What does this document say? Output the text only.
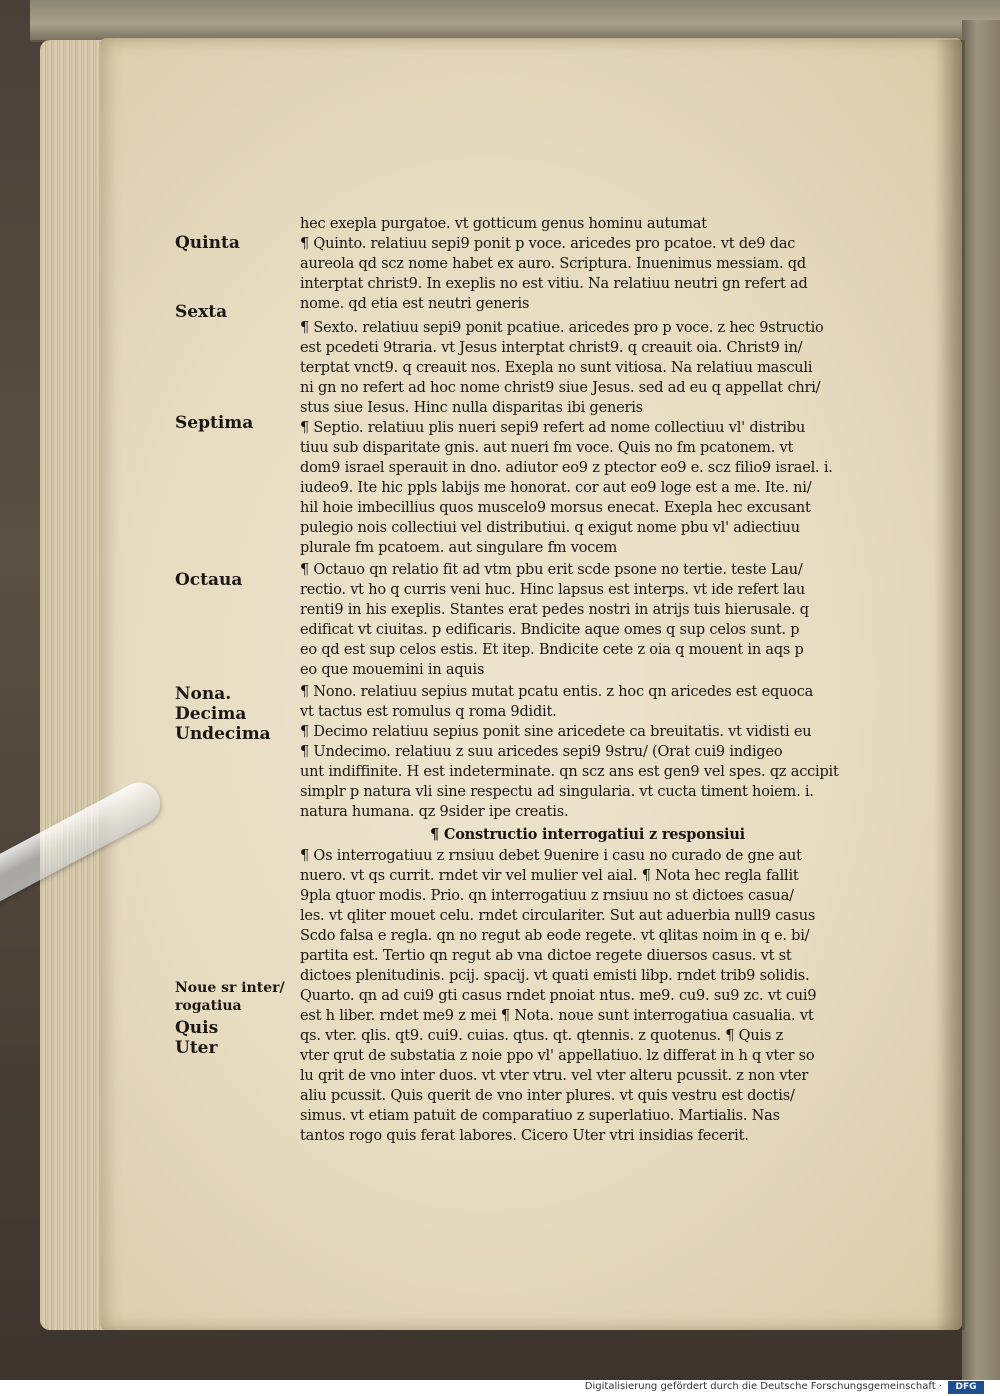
Quinta
Sexta
Septima
Octaua
Nona.
Decima
Undecima
Noue sr inter/
rogatiua
Quis
Uter
hec exepla purgatoe. vt gotticum genus hominu autumat
¶ Quinto. relatiuu sepi9 ponit p voce. aricedes pro pcatoe. vt de9 dac
aureola qd scz nome habet ex auro. Scriptura. Inuenimus messiam. qd
interptat christ9. In exeplis no est vitiu. Na relatiuu neutri gn refert ad
nome. qd etia est neutri generis
¶ Sexto. relatiuu sepi9 ponit pcatiue. aricedes pro p voce. z hec 9structio
est pcedeti 9traria. vt Jesus interptat christ9. q creauit oia. Christ9 in/
terptat vnct9. q creauit nos. Exepla no sunt vitiosa. Na relatiuu masculi
ni gn no refert ad hoc nome christ9 siue Jesus. sed ad eu q appellat chri/
stus siue Iesus. Hinc nulla disparitas ibi generis
¶ Septio. relatiuu plis nueri sepi9 refert ad nome collectiuu vl' distribu
tiuu sub disparitate gnis. aut nueri fm voce. Quis no fm pcatonem. vt
dom9 israel sperauit in dno. adiutor eo9 z ptector eo9 e. scz filio9 israel. i.
iudeo9. Ite hic ppls labijs me honorat. cor aut eo9 loge est a me. Ite. ni/
hil hoie imbecillius quos muscelo9 morsus enecat. Exepla hec excusant
pulegio nois collectiui vel distributiui. q exigut nome pbu vl' adiectiuu
plurale fm pcatoem. aut singulare fm vocem
¶ Octauo qn relatio fit ad vtm pbu erit scde psone no tertie. teste Lau/
rectio. vt ho q curris veni huc. Hinc lapsus est interps. vt ide refert lau
renti9 in his exeplis. Stantes erat pedes nostri in atrijs tuis hierusale. q
edificat vt ciuitas. p edificaris. Bndicite aque omes q sup celos sunt. p
eo qd est sup celos estis. Et itep. Bndicite cete z oia q mouent in aqs p
eo que mouemini in aquis
¶ Nono. relatiuu sepius mutat pcatu entis. z hoc qn aricedes est equoca
vt tactus est romulus q roma 9didit.
¶ Decimo relatiuu sepius ponit sine aricedete ca breuitatis. vt vidisti eu
¶ Undecimo. relatiuu z suu aricedes sepi9 9stru/ (Orat cui9 indigeo
unt indiffinite. H est indeterminate. qn scz ans est gen9 vel spes. qz accipit
simplr p natura vli sine respectu ad singularia. vt cucta timent hoiem. i.
natura humana. qz 9sider ipe creatis.
¶ Constructio interrogatiui z responsiui
¶ Os interrogatiuu z rnsiuu debet 9uenire i casu no curado de gne aut
nuero. vt qs currit. rndet vir vel mulier vel aial. ¶ Nota hec regla fallit
9pla qtuor modis. Prio. qn interrogatiuu z rnsiuu no st dictoes casua/
les. vt qliter mouet celu. rndet circulariter. Sut aut aduerbia null9 casus
Scdo falsa e regla. qn no regut ab eode regete. vt qlitas noim in q e. bi/
partita est. Tertio qn regut ab vna dictoe regete diuersos casus. vt st
dictoes plenitudinis. pcij. spacij. vt quati emisti libp. rndet trib9 solidis.
Quarto. qn ad cui9 gti casus rndet pnoiat ntus. me9. cu9. su9 zc. vt cui9
est h liber. rndet me9 z mei ¶ Nota. noue sunt interrogatiua casualia. vt
qs. vter. qlis. qt9. cui9. cuias. qtus. qt. qtennis. z quotenus. ¶ Quis z
vter qrut de substatia z noie ppo vl' appellatiuo. lz differat in h q vter so
lu qrit de vno inter duos. vt vter vtru. vel vter alteru pcussit. z non vter
aliu pcussit. Quis querit de vno inter plures. vt quis vestru est doctis/
simus. vt etiam patuit de comparatiuo z superlatiuo. Martialis. Nas
tantos rogo quis ferat labores. Cicero Uter vtri insidias fecerit.
Digitalisierung gefördert durch die Deutsche Forschungsgemeinschaft ·	DFG
